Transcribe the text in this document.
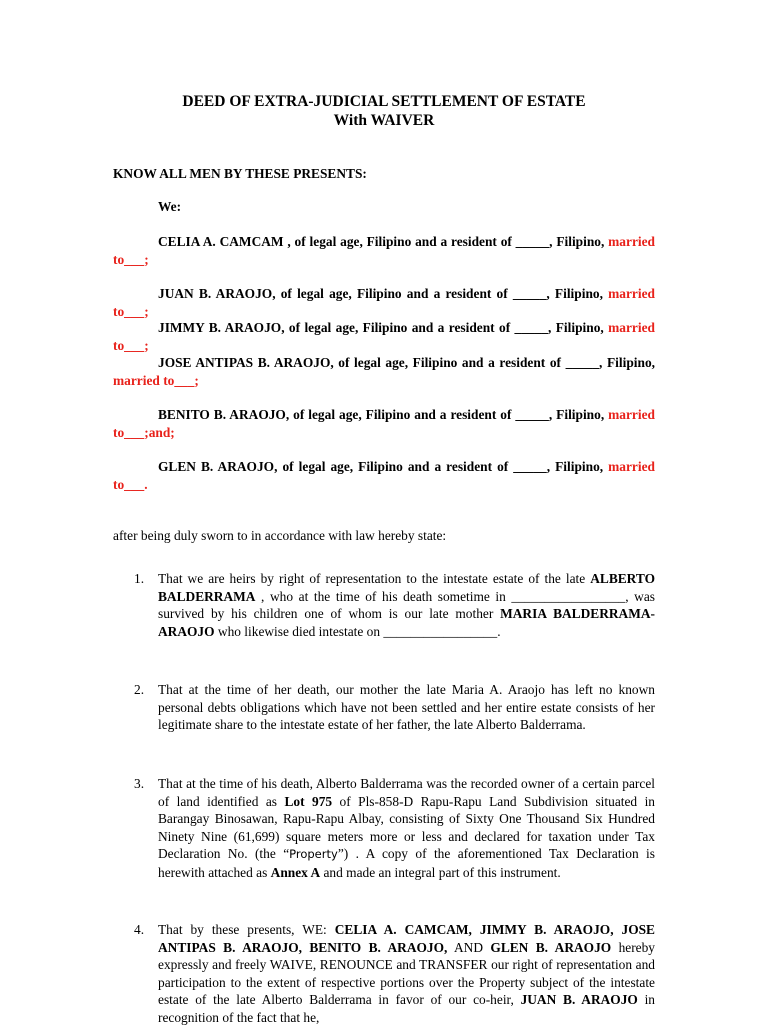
DEED OF EXTRA-JUDICIAL SETTLEMENT OF ESTATE
With WAIVER
KNOW ALL MEN BY THESE PRESENTS:
We:
CELIA A. CAMCAM , of legal age, Filipino and a resident of _____, Filipino, married to___;
JUAN B. ARAOJO, of legal age, Filipino and a resident of _____, Filipino, married to___;
JIMMY B. ARAOJO, of legal age, Filipino and a resident of _____, Filipino, married to___;
JOSE ANTIPAS B. ARAOJO, of legal age, Filipino and a resident of _____, Filipino, married to___;
BENITO B. ARAOJO, of legal age, Filipino and a resident of _____, Filipino, married to___;and;
GLEN B. ARAOJO, of legal age, Filipino and a resident of _____, Filipino, married to___.
after being duly sworn to in accordance with law hereby state:
1.	That we are heirs by right of representation to the intestate estate of the late ALBERTO BALDERRAMA , who at the time of his death sometime in _________________, was survived by his children one of whom is our late mother MARIA BALDERRAMA-ARAOJO who likewise died intestate on _________________.
2.	That at the time of her death, our mother the late Maria A. Araojo has left no known personal debts obligations which have not been settled and her entire estate consists of her legitimate share to the intestate estate of her father, the late Alberto Balderrama.
3.	That at the time of his death, Alberto Balderrama was the recorded owner of a certain parcel of land identified as Lot 975 of Pls-858-D Rapu-Rapu Land Subdivision situated in Barangay Binosawan, Rapu-Rapu Albay, consisting of Sixty One Thousand Six Hundred Ninety Nine (61,699) square meters more or less and declared for taxation under Tax Declaration No. (the “Property”) . A copy of the aforementioned Tax Declaration is herewith attached as Annex A and made an integral part of this instrument.
4.	That by these presents, WE: CELIA A. CAMCAM, JIMMY B. ARAOJO, JOSE ANTIPAS B. ARAOJO, BENITO B. ARAOJO, AND GLEN B. ARAOJO hereby expressly and freely WAIVE, RENOUNCE and TRANSFER our right of representation and participation to the extent of respective portions over the Property subject of the intestate estate of the late Alberto Balderrama in favor of our co-heir, JUAN B. ARAOJO in recognition of the fact that he,
